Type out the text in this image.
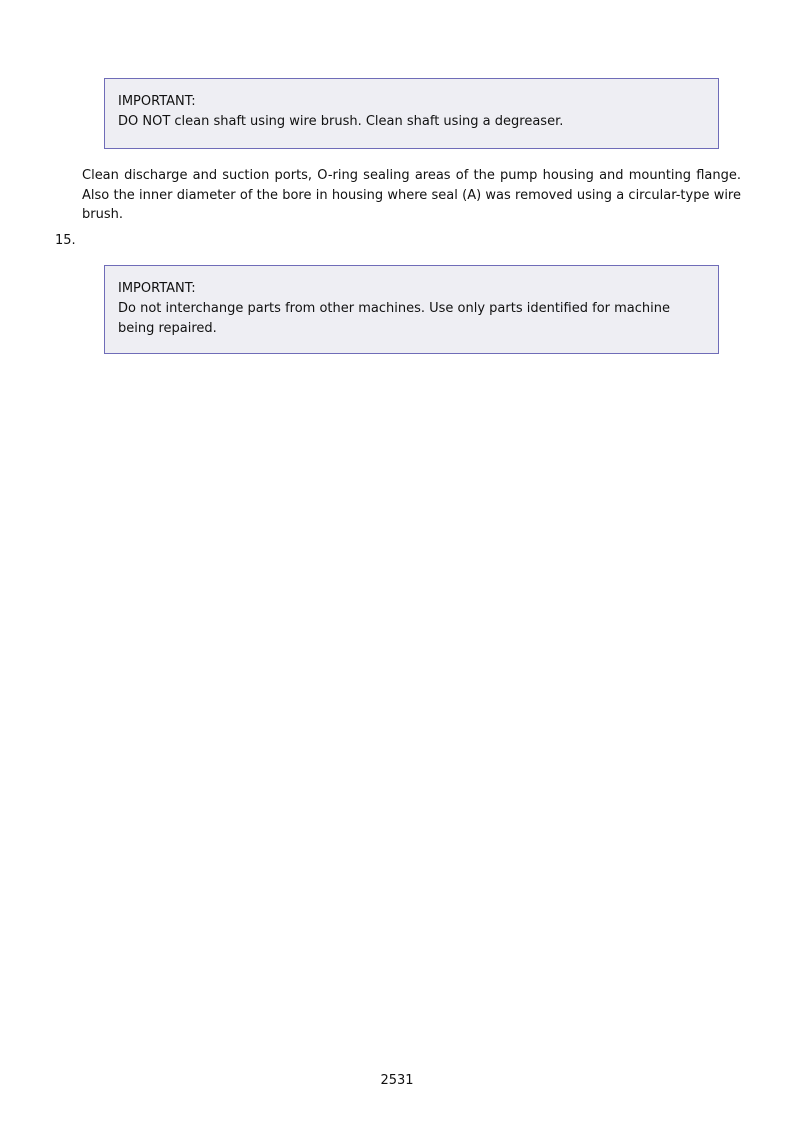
IMPORTANT:

DO NOT clean shaft using wire brush. Clean shaft using a degreaser.

Clean discharge and suction ports, O-ring sealing areas of the pump housing and mounting flange. Also the inner diameter of the bore in housing where seal (A) was removed using a circular-type wire brush.

15.

IMPORTANT:

Do not interchange parts from other machines. Use only parts identified for machine being repaired.

2531
